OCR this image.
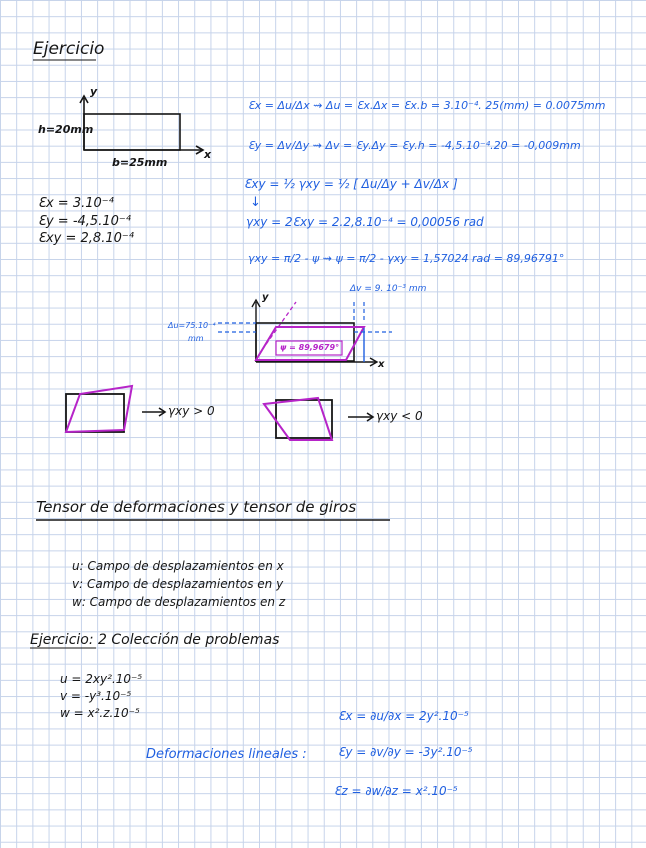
Ejercicio
h=20mm
b=25mm
y
x
Ɛx = 3.10⁻⁴
Ɛy = -4,5.10⁻⁴
Ɛxy = 2,8.10⁻⁴
Ɛx = Δu/Δx ⇝ Δu = Ɛx.Δx = Ɛx.b = 3.10⁻⁴. 25(mm) = 0.0075mm
Ɛy = Δv/Δy ⇝ Δv = Ɛy.Δy = Ɛy.h = -4,5.10⁻⁴.20 = -0,009mm
Ɛxy = ½ γxy = ½ [ Δu/Δy + Δv/Δx ]
↓
γxy = 2Ɛxy = 2.2,8.10⁻⁴ = 0,00056 rad
γxy = π/2 - ψ ⇝ ψ = π/2 - γxy = 1,57024 rad = 89,96791°
Δv = 9. 10⁻³ mm
Δu=75.10⁻⁴
mm
ψ = 89,9679°
y
x
γxy > 0	γxy < 0
Tensor de deformaciones y tensor de giros
u: Campo de desplazamientos en x
v: Campo de desplazamientos en y
w: Campo de desplazamientos en z
Ejercicio: 2 Colección de problemas
u = 2xy².10⁻⁵
v = -y³.10⁻⁵
w = x².z.10⁻⁵
Deformaciones lineales :
Ɛx = ∂u/∂x = 2y².10⁻⁵
Ɛy = ∂v/∂y = -3y².10⁻⁵
Ɛz = ∂w/∂z = x².10⁻⁵
